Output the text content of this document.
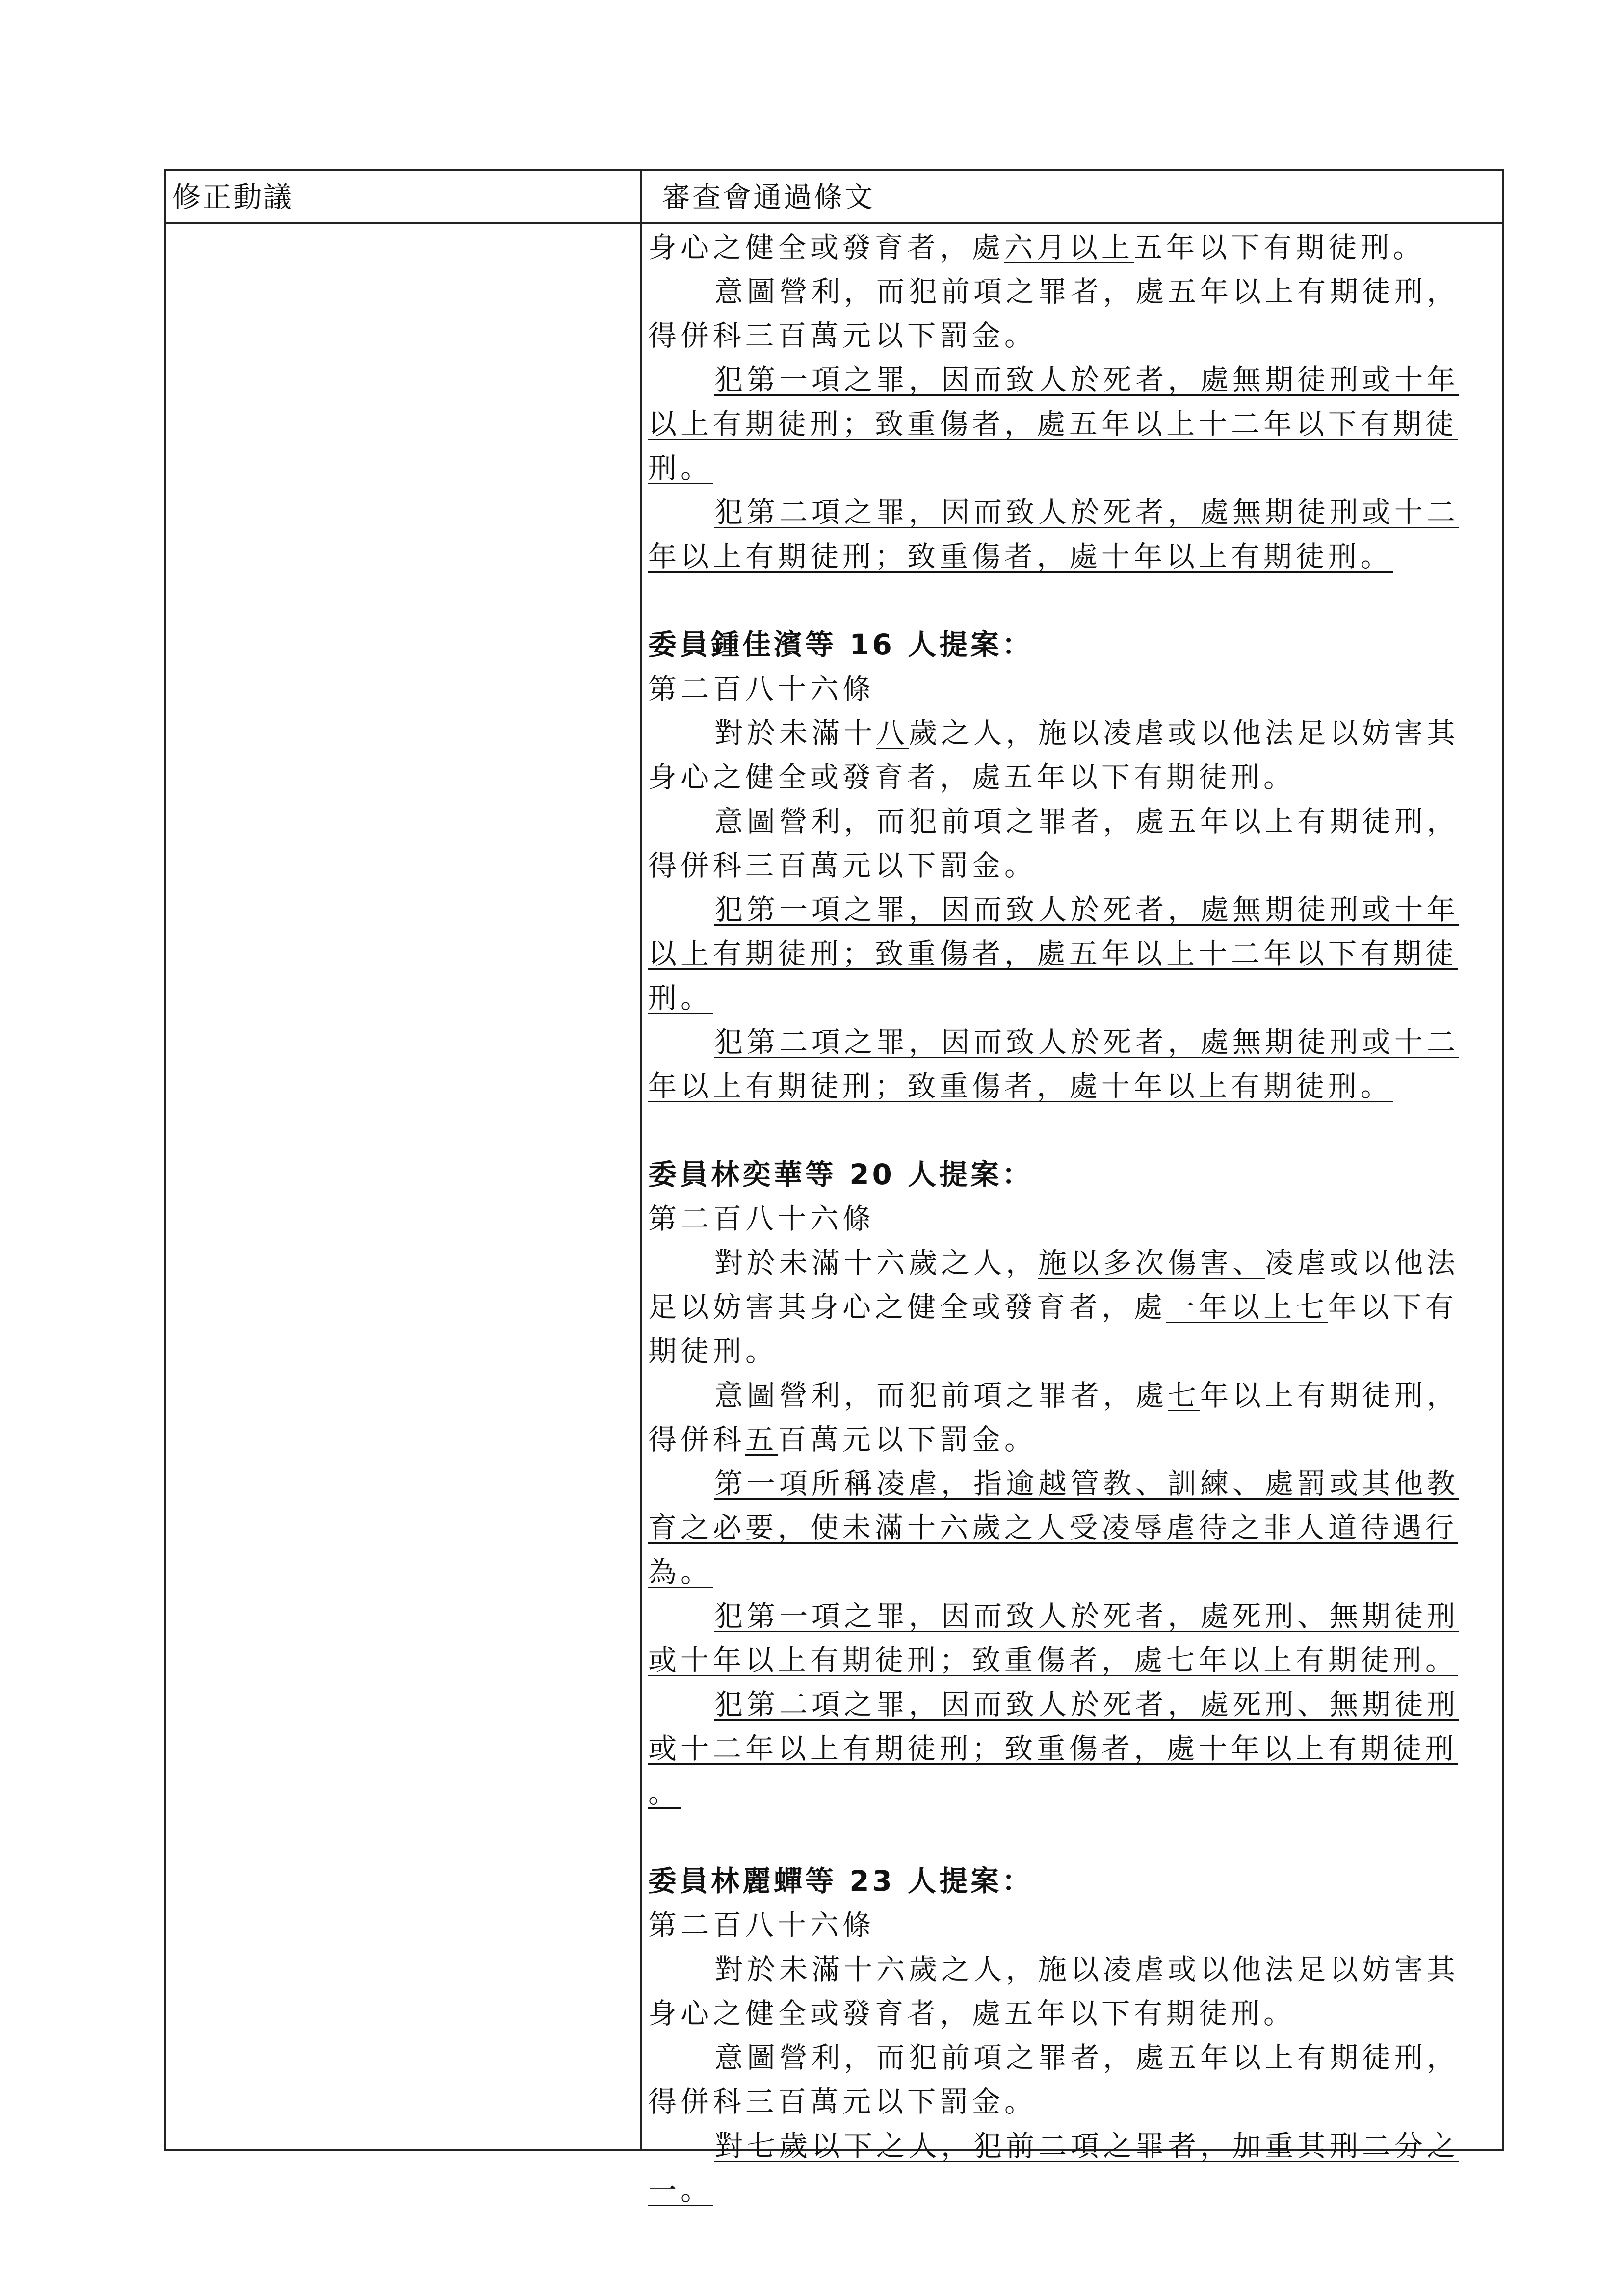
修正動議	審查會通過條文
身心之健全或發育者，處六月以上五年以下有期徒刑。
意圖營利，而犯前項之罪者，處五年以上有期徒刑，
得併科三百萬元以下罰金。
犯第一項之罪，因而致人於死者，處無期徒刑或十年
以上有期徒刑；致重傷者，處五年以上十二年以下有期徒
刑。
犯第二項之罪，因而致人於死者，處無期徒刑或十二
年以上有期徒刑；致重傷者，處十年以上有期徒刑。
委員鍾佳濱等 16 人提案：
第二百八十六條
對於未滿十八歲之人，施以凌虐或以他法足以妨害其
身心之健全或發育者，處五年以下有期徒刑。
意圖營利，而犯前項之罪者，處五年以上有期徒刑，
得併科三百萬元以下罰金。
犯第一項之罪，因而致人於死者，處無期徒刑或十年
以上有期徒刑；致重傷者，處五年以上十二年以下有期徒
刑。
犯第二項之罪，因而致人於死者，處無期徒刑或十二
年以上有期徒刑；致重傷者，處十年以上有期徒刑。
委員林奕華等 20 人提案：
第二百八十六條
對於未滿十六歲之人，施以多次傷害、凌虐或以他法
足以妨害其身心之健全或發育者，處一年以上七年以下有
期徒刑。
意圖營利，而犯前項之罪者，處七年以上有期徒刑，
得併科五百萬元以下罰金。
第一項所稱凌虐，指逾越管教、訓練、處罰或其他教
育之必要，使未滿十六歲之人受凌辱虐待之非人道待遇行
為。
犯第一項之罪，因而致人於死者，處死刑、無期徒刑
或十年以上有期徒刑；致重傷者，處七年以上有期徒刑。
犯第二項之罪，因而致人於死者，處死刑、無期徒刑
或十二年以上有期徒刑；致重傷者，處十年以上有期徒刑
。
委員林麗蟬等 23 人提案：
第二百八十六條
對於未滿十六歲之人，施以凌虐或以他法足以妨害其
身心之健全或發育者，處五年以下有期徒刑。
意圖營利，而犯前項之罪者，處五年以上有期徒刑，
得併科三百萬元以下罰金。
對七歲以下之人，犯前二項之罪者，加重其刑二分之
一。
